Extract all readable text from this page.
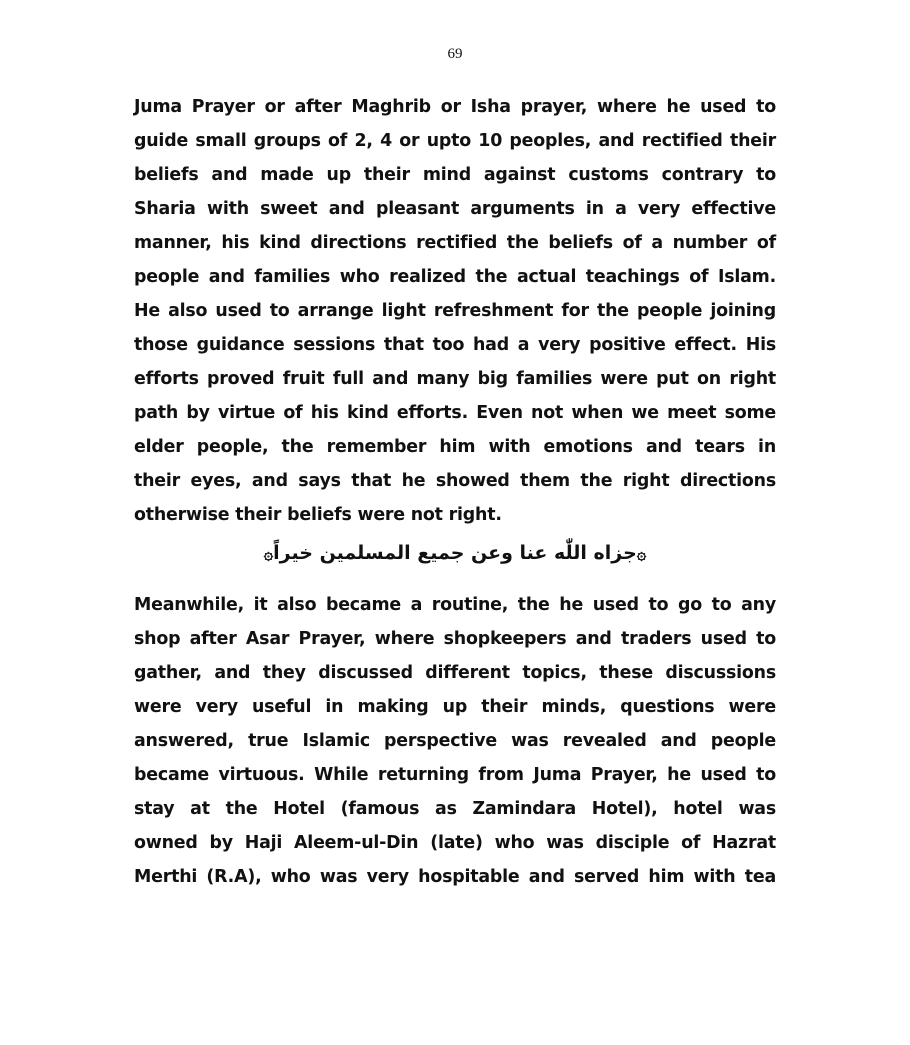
69
Juma Prayer or after Maghrib or Isha prayer, where he used to
guide small groups of 2, 4 or upto 10 peoples, and rectified their
beliefs and made up their mind against customs contrary to
Sharia with sweet and pleasant arguments in a very effective
manner, his kind directions rectified the beliefs of a number of
people and families who realized the actual teachings of Islam.
He also used to arrange light refreshment for the people joining
those guidance sessions that too had a very positive effect. His
efforts proved fruit full and many big families were put on right
path by virtue of his kind efforts. Even not when we meet some
elder people, the remember him with emotions and tears in
their eyes, and says that he showed them the right directions
otherwise their beliefs were not right.
۞جزاه اللّٰه عنا وعن جميع المسلمين خيراً۞
Meanwhile, it also became a routine, the he used to go to any
shop after Asar Prayer, where shopkeepers and traders used to
gather, and they discussed different topics, these discussions
were very useful in making up their minds, questions were
answered, true Islamic perspective was revealed and people
became virtuous. While returning from Juma Prayer, he used to
stay at the Hotel (famous as Zamindara Hotel), hotel was
owned by Haji Aleem-ul-Din (late) who was disciple of Hazrat
Merthi (R.A), who was very hospitable and served him with tea
